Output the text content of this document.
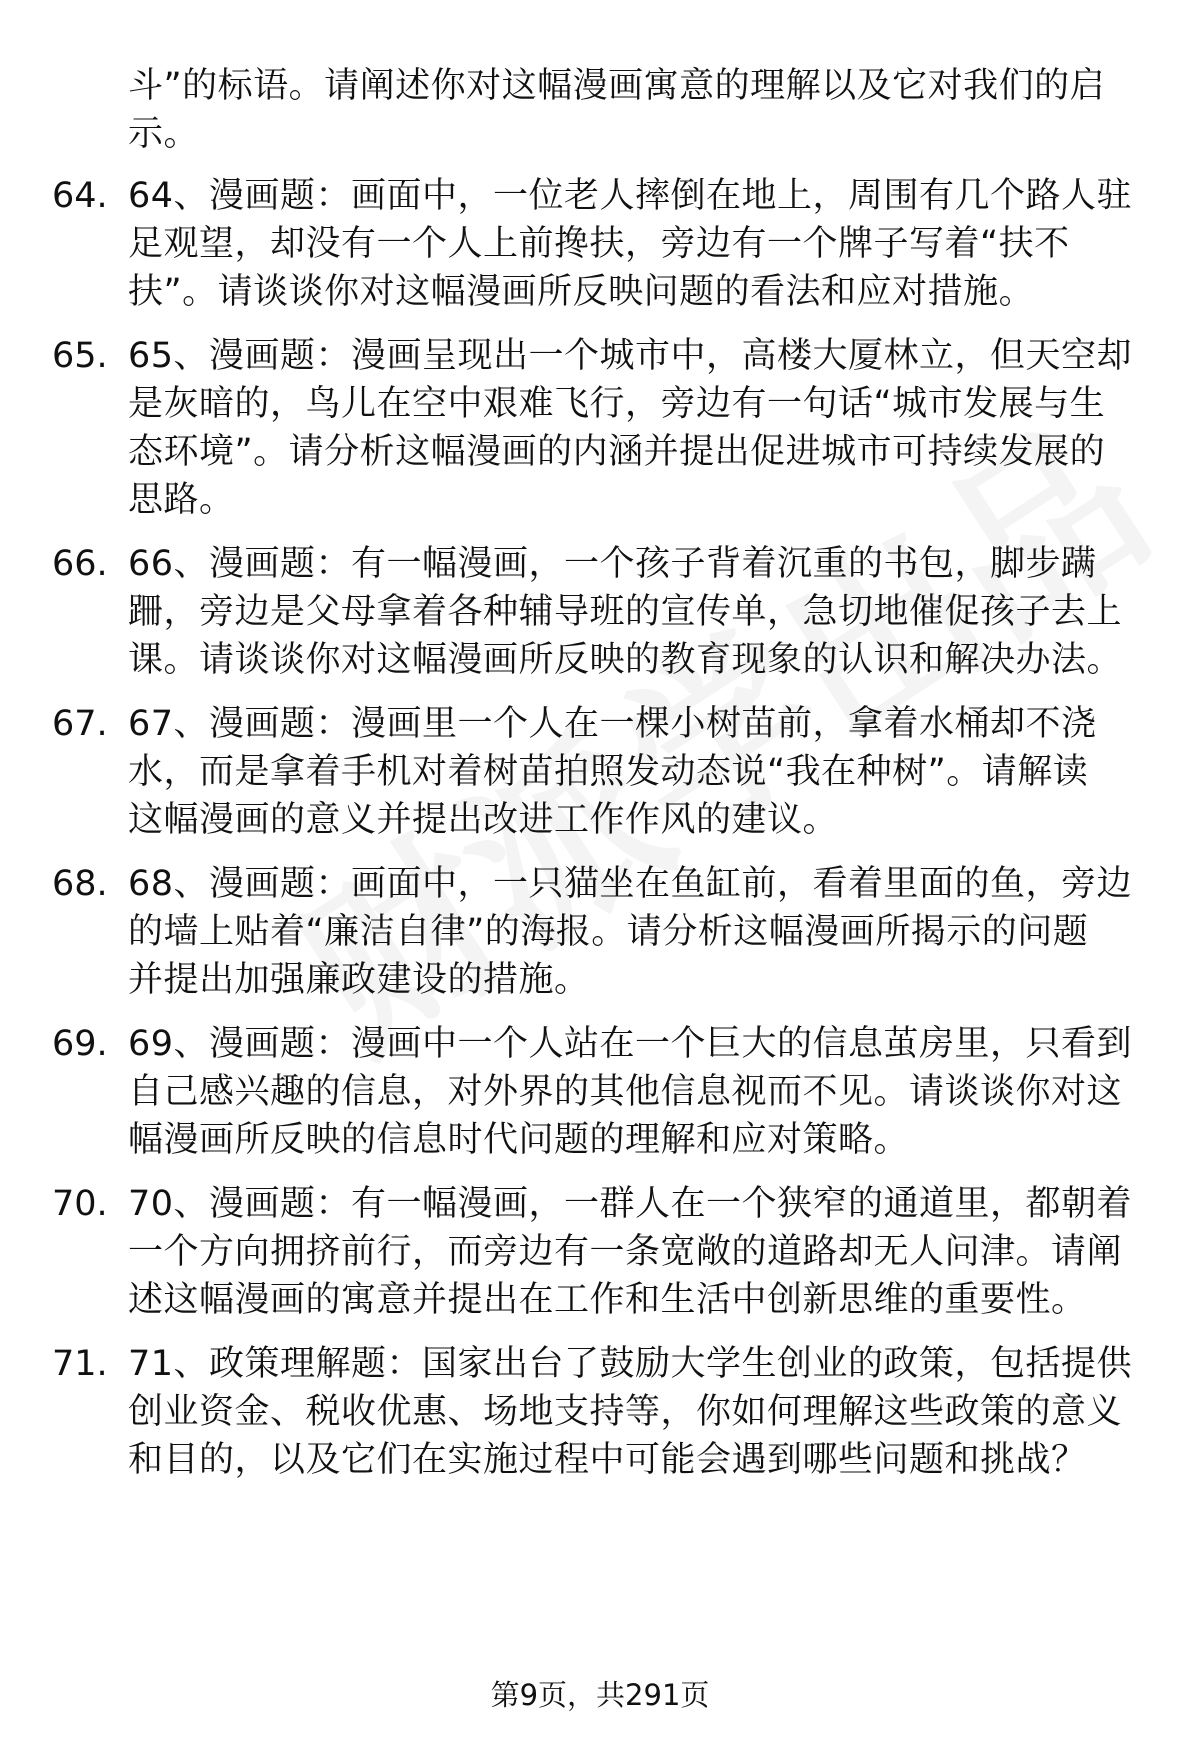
斗”的标语。请阐述你对这幅漫画寓意的理解以及它对我们的启
示。
64. 64、漫画题：画面中，一位老人摔倒在地上，周围有几个路人驻
足观望，却没有一个人上前搀扶，旁边有一个牌子写着“扶不
扶”。请谈谈你对这幅漫画所反映问题的看法和应对措施。
65. 65、漫画题：漫画呈现出一个城市中，高楼大厦林立，但天空却
是灰暗的，鸟儿在空中艰难飞行，旁边有一句话“城市发展与生
态环境”。请分析这幅漫画的内涵并提出促进城市可持续发展的
思路。
66. 66、漫画题：有一幅漫画，一个孩子背着沉重的书包，脚步蹒
跚，旁边是父母拿着各种辅导班的宣传单，急切地催促孩子去上
课。请谈谈你对这幅漫画所反映的教育现象的认识和解决办法。
67. 67、漫画题：漫画里一个人在一棵小树苗前，拿着水桶却不浇
水，而是拿着手机对着树苗拍照发动态说“我在种树”。请解读
这幅漫画的意义并提出改进工作作风的建议。
68. 68、漫画题：画面中，一只猫坐在鱼缸前，看着里面的鱼，旁边
的墙上贴着“廉洁自律”的海报。请分析这幅漫画所揭示的问题
并提出加强廉政建设的措施。
69. 69、漫画题：漫画中一个人站在一个巨大的信息茧房里，只看到
自己感兴趣的信息，对外界的其他信息视而不见。请谈谈你对这
幅漫画所反映的信息时代问题的理解和应对策略。
70. 70、漫画题：有一幅漫画，一群人在一个狭窄的通道里，都朝着
一个方向拥挤前行，而旁边有一条宽敞的道路却无人问津。请阐
述这幅漫画的寓意并提出在工作和生活中创新思维的重要性。
71. 71、政策理解题：国家出台了鼓励大学生创业的政策，包括提供
创业资金、税收优惠、场地支持等，你如何理解这些政策的意义
和目的，以及它们在实施过程中可能会遇到哪些问题和挑战？
第9页，共291页
